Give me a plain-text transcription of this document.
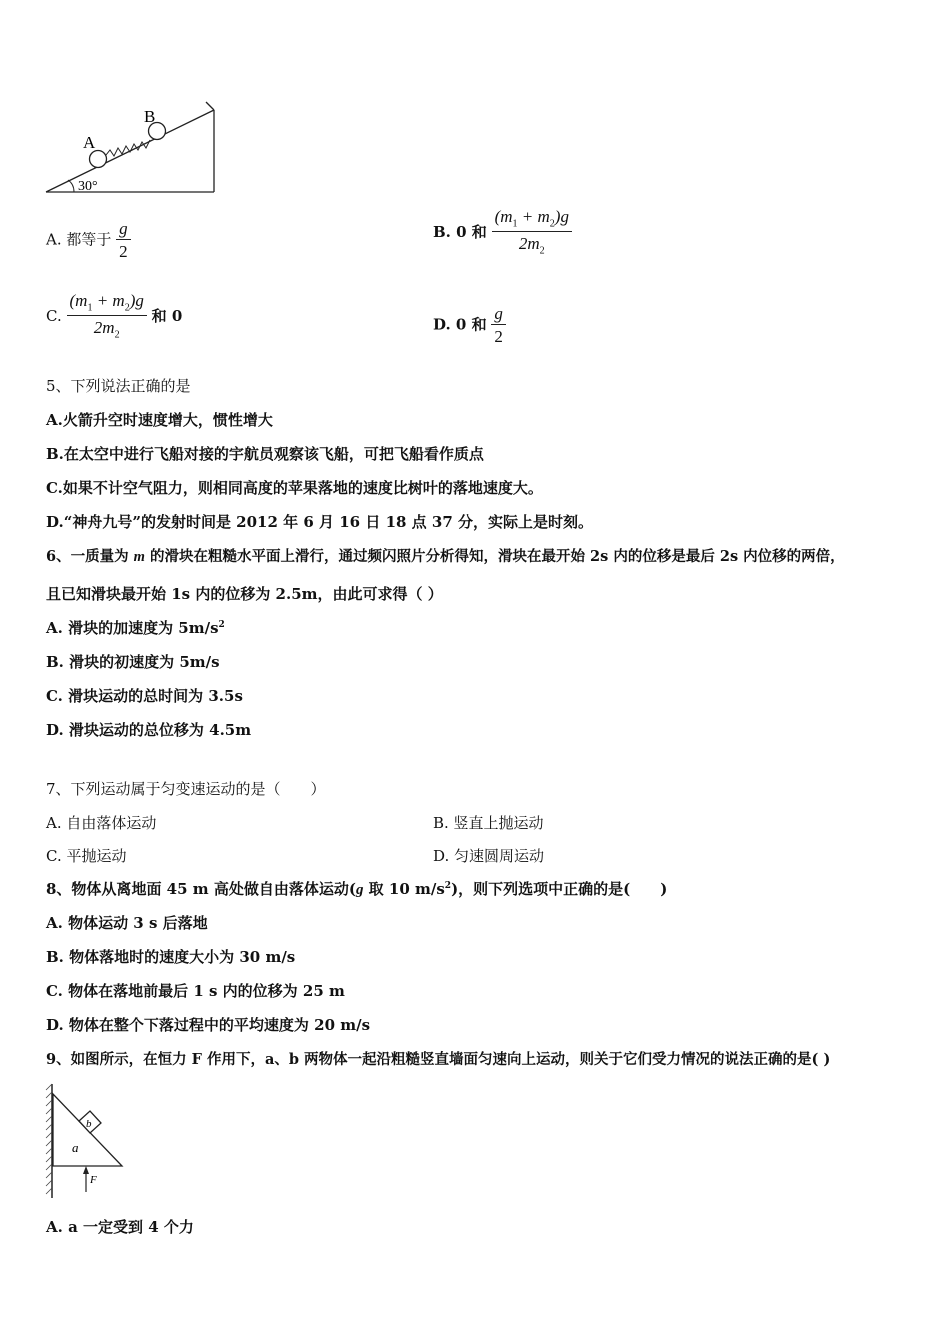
A
B
30°
A. 都等于 $\frac{g}{2}$	B. 0 和 $\frac{(m_1 + m_2)g}{2m_2}$
C. $\frac{(m_1 + m_2)g}{2m_2}$ 和 0	D. 0 和 $\frac{g}{2}$
5、下列说法正确的是
A.火箭升空时速度增大，惯性增大
B.在太空中进行飞船对接的宇航员观察该飞船，可把飞船看作质点
C.如果不计空气阻力，则相同高度的苹果落地的速度比树叶的落地速度大。
D.“神舟九号”的发射时间是 2012 年 6 月 16 日 18 点 37 分，实际上是时刻。
6、一质量为 m 的滑块在粗糙水平面上滑行，通过频闪照片分析得知，滑块在最开始 2s 内的位移是最后 2s 内位移的两倍，
且已知滑块最开始 1s 内的位移为 2.5m，由此可求得（ ）
A. 滑块的加速度为 $5m/s^2$
B. 滑块的初速度为 5m/s
C. 滑块运动的总时间为 3.5s
D. 滑块运动的总位移为 4.5m
7、下列运动属于匀变速运动的是（　　）
A. 自由落体运动	B. 竖直上抛运动
C. 平抛运动	D. 匀速圆周运动
8、物体从离地面 45 m 高处做自由落体运动(g 取 10 $m/s^2$)，则下列选项中正确的是(　　)
A. 物体运动 3 s 后落地
B. 物体落地时的速度大小为 30 m/s
C. 物体在落地前最后 1 s 内的位移为 25 m
D. 物体在整个下落过程中的平均速度为 20 m/s
9、如图所示，在恒力 F 作用下，a、b 两物体一起沿粗糙竖直墙面匀速向上运动，则关于它们受力情况的说法正确的是( )
b
a
F
A. a 一定受到 4 个力
